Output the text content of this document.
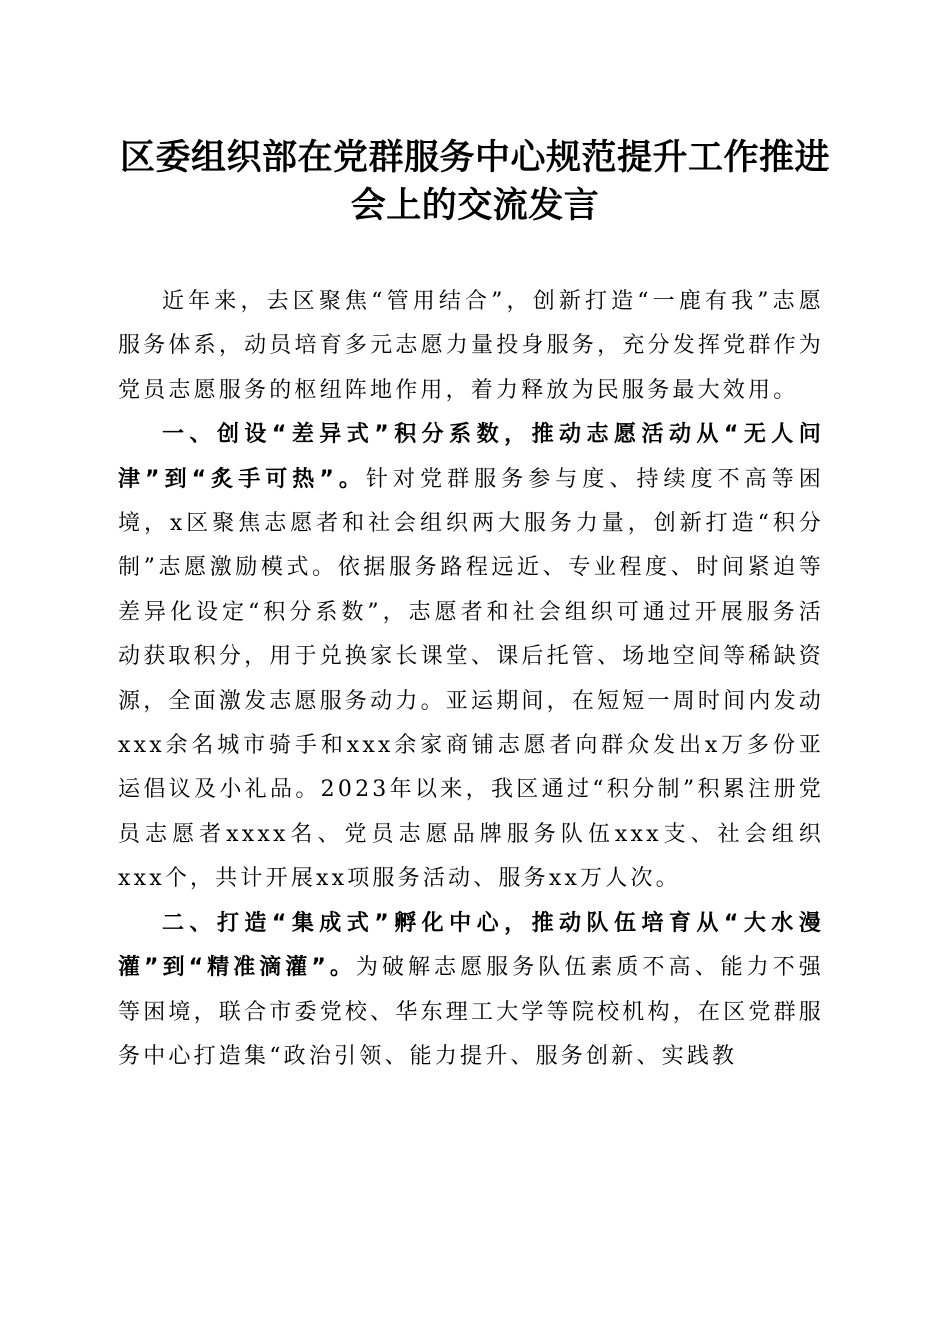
区委组织部在党群服务中心规范提升工作推进会上的交流发言

近年来，去区聚焦“管用结合”，创新打造“一鹿有我”志愿服务体系，动员培育多元志愿力量投身服务，充分发挥党群作为党员志愿服务的枢纽阵地作用，着力释放为民服务最大效用。

一、创设“差异式”积分系数，推动志愿活动从“无人问津”到“炙手可热”。针对党群服务参与度、持续度不高等困境，x区聚焦志愿者和社会组织两大服务力量，创新打造“积分制”志愿激励模式。依据服务路程远近、专业程度、时间紧迫等差异化设定“积分系数”，志愿者和社会组织可通过开展服务活动获取积分，用于兑换家长课堂、课后托管、场地空间等稀缺资源，全面激发志愿服务动力。亚运期间，在短短一周时间内发动xxx余名城市骑手和xxx余家商铺志愿者向群众发出x万多份亚运倡议及小礼品。2023年以来，我区通过“积分制”积累注册党员志愿者xxxx名、党员志愿品牌服务队伍xxx支、社会组织xxx个，共计开展xx项服务活动、服务xx万人次。

二、打造“集成式”孵化中心，推动队伍培育从“大水漫灌”到“精准滴灌”。为破解志愿服务队伍素质不高、能力不强等困境，联合市委党校、华东理工大学等院校机构，在区党群服务中心打造集“政治引领、能力提升、服务创新、实践教
